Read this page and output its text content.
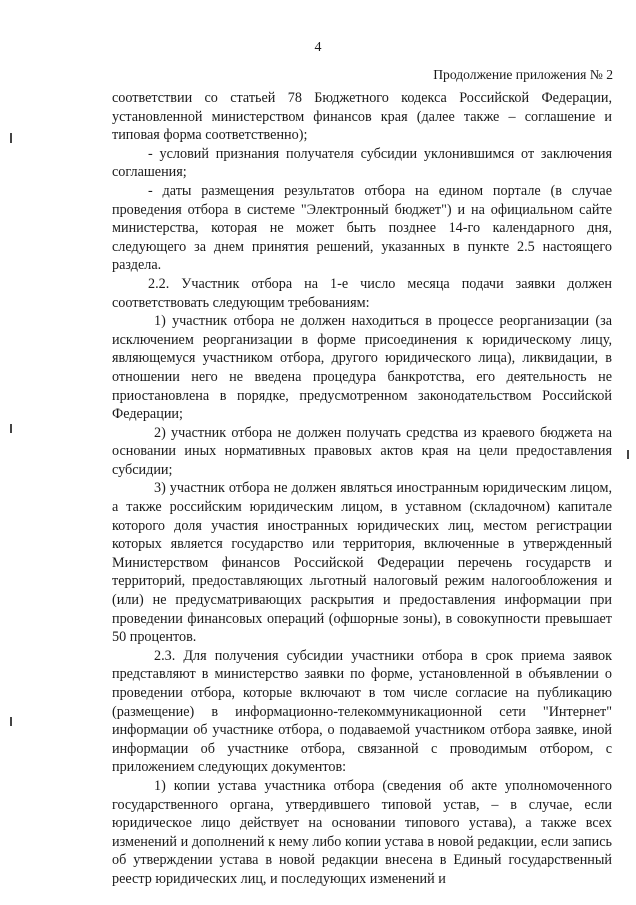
4
Продолжение приложения № 2

соответствии со статьей 78 Бюджетного кодекса Российской Федерации, установленной министерством финансов края (далее также – соглашение и типовая форма соответственно);

- условий признания получателя субсидии уклонившимся от заключения соглашения;

- даты размещения результатов отбора на едином портале (в случае проведения отбора в системе "Электронный бюджет") и на официальном сайте министерства, которая не может быть позднее 14-го календарного дня, следующего за днем принятия решений, указанных в пункте 2.5 настоящего раздела.

2.2. Участник отбора на 1-е число месяца подачи заявки должен соответствовать следующим требованиям:

1) участник отбора не должен находиться в процессе реорганизации (за исключением реорганизации в форме присоединения к юридическому лицу, являющемуся участником отбора, другого юридического лица), ликвидации, в отношении него не введена процедура банкротства, его деятельность не приостановлена в порядке, предусмотренном законодательством Российской Федерации;

2) участник отбора не должен получать средства из краевого бюджета на основании иных нормативных правовых актов края на цели предоставления субсидии;

3) участник отбора не должен являться иностранным юридическим лицом, а также российским юридическим лицом, в уставном (складочном) капитале которого доля участия иностранных юридических лиц, местом регистрации которых является государство или территория, включенные в утвержденный Министерством финансов Российской Федерации перечень государств и территорий, предоставляющих льготный налоговый режим налогообложения и (или) не предусматривающих раскрытия и предоставления информации при проведении финансовых операций (офшорные зоны), в совокупности превышает 50 процентов.

2.3. Для получения субсидии участники отбора в срок приема заявок представляют в министерство заявки по форме, установленной в объявлении о проведении отбора, которые включают в том числе согласие на публикацию (размещение) в информационно-телекоммуникационной сети "Интернет" информации об участнике отбора, о подаваемой участником отбора заявке, иной информации об участнике отбора, связанной с проводимым отбором, с приложением следующих документов:

1) копии устава участника отбора (сведения об акте уполномоченного государственного органа, утвердившего типовой устав, – в случае, если юридическое лицо действует на основании типового устава), а также всех изменений и дополнений к нему либо копии устава в новой редакции, если запись об утверждении устава в новой редакции внесена в Единый государственный реестр юридических лиц, и последующих изменений и
